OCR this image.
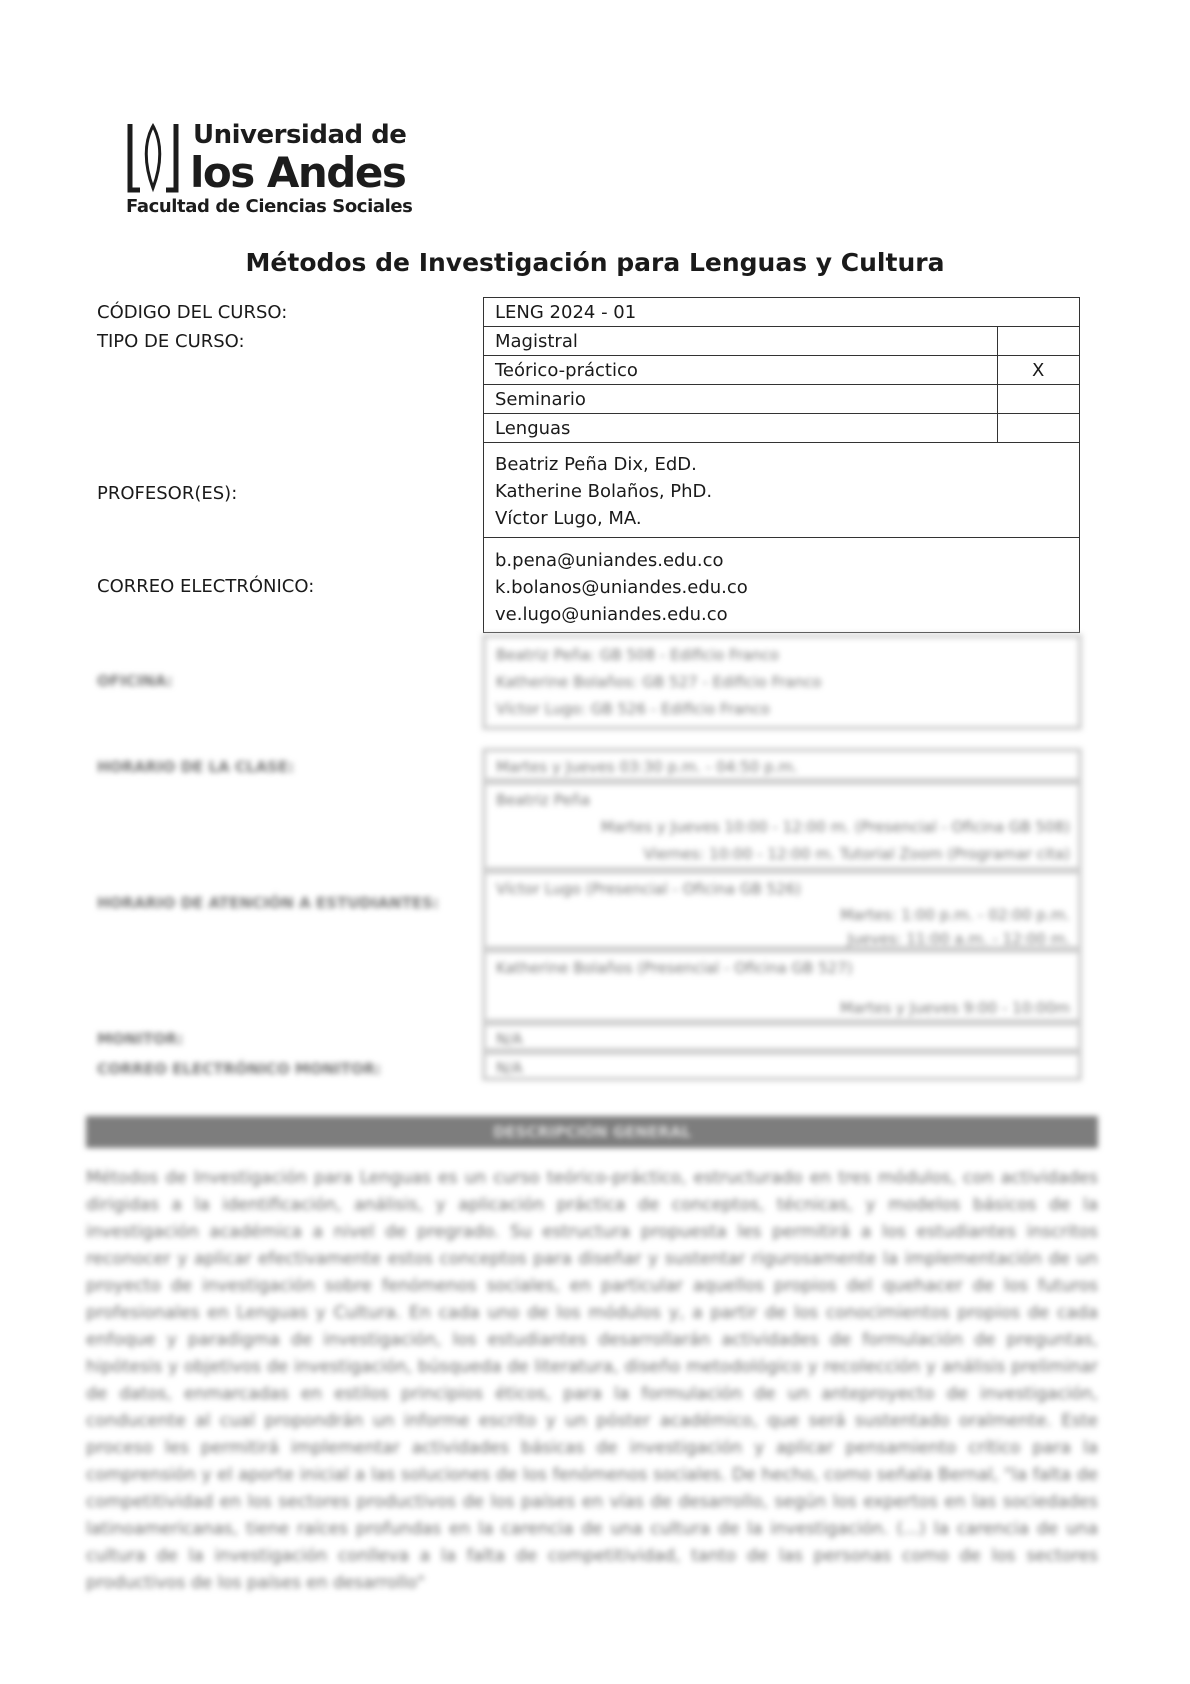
Universidad de
los Andes
Facultad de Ciencias Sociales
Métodos de Investigación para Lenguas y Cultura
CÓDIGO DEL CURSO:	LENG 2024 - 01
TIPO DE CURSO:	Magistral
Teórico-práctico	X
Seminario
Lenguas
PROFESOR(ES):
Beatriz Peña Dix, EdD.
Katherine Bolaños, PhD.
Víctor Lugo, MA.
CORREO ELECTRÓNICO:
b.pena@uniandes.edu.co
k.bolanos@uniandes.edu.co
ve.lugo@uniandes.edu.co
OFICINA:
Beatriz Peña: GB 508 - Edificio Franco
Katherine Bolaños: GB 527 - Edificio Franco
Víctor Lugo: GB 526 - Edificio Franco
HORARIO DE LA CLASE:	Martes y Jueves 03:30 p.m. - 04:50 p.m.
HORARIO DE ATENCIÓN A ESTUDIANTES:
Beatriz Peña
Martes y Jueves 10:00 - 12:00 m. (Presencial - Oficina GB 508)
Viernes: 10:00 - 12:00 m. Tutorial Zoom (Programar cita)
Víctor Lugo (Presencial - Oficina GB 526)
Martes: 1:00 p.m. - 02:00 p.m.
Jueves: 11:00 a.m. - 12:00 m.
Katherine Bolaños (Presencial - Oficina GB 527)
Martes y Jueves 9:00 - 10:00m
MONITOR:	N/A
CORREO ELECTRÓNICO MONITOR:	N/A
DESCRIPCIÓN GENERAL
Métodos de Investigación para Lenguas es un curso teórico-práctico, estructurado en tres módulos, con actividades dirigidas a la identificación, análisis, y aplicación práctica de conceptos, técnicas, y modelos básicos de la investigación académica a nivel de pregrado. Su estructura propuesta les permitirá a los estudiantes inscritos reconocer y aplicar efectivamente estos conceptos para diseñar y sustentar rigurosamente la implementación de un proyecto de investigación sobre fenómenos sociales, en particular aquellos propios del quehacer de los futuros profesionales en Lenguas y Cultura. En cada uno de los módulos y, a partir de los conocimientos propios de cada enfoque y paradigma de investigación, los estudiantes desarrollarán actividades de formulación de preguntas, hipótesis y objetivos de investigación, búsqueda de literatura, diseño metodológico y recolección y análisis preliminar de datos, enmarcadas en estilos principios éticos, para la formulación de un anteproyecto de investigación, conducente al cual propondrán un informe escrito y un póster académico, que será sustentado oralmente. Este proceso les permitirá implementar actividades básicas de investigación y aplicar pensamiento crítico para la comprensión y el aporte inicial a las soluciones de los fenómenos sociales. De hecho, como señala Bernal, "la falta de competitividad en los sectores productivos de los países en vías de desarrollo, según los expertos en las sociedades latinoamericanas, tiene raíces profundas en la carencia de una cultura de la investigación. (...) la carencia de una cultura de la investigación conlleva a la falta de competitividad, tanto de las personas como de los sectores productivos de los países en desarrollo"
